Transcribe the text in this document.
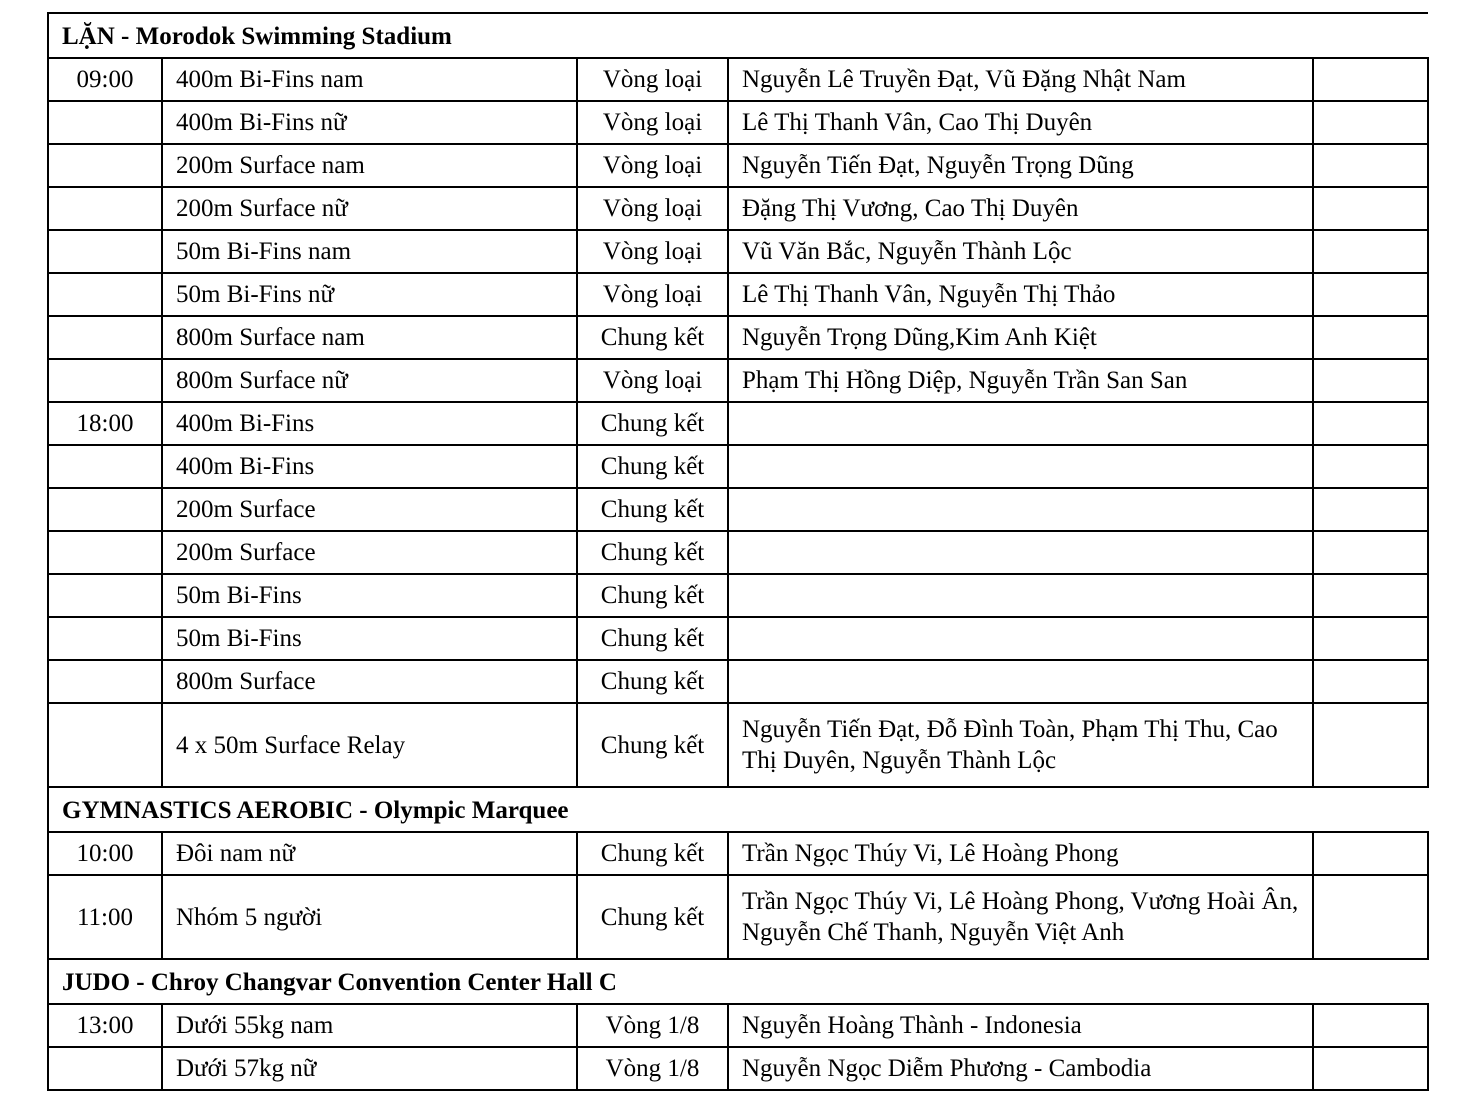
LẶN - Morodok Swimming Stadium				
09:00	400m Bi-Fins nam	Vòng loại	Nguyễn Lê Truyền Đạt, Vũ Đặng Nhật Nam	
	400m Bi-Fins nữ	Vòng loại	Lê Thị Thanh Vân, Cao Thị Duyên	
	200m Surface nam	Vòng loại	Nguyễn Tiến Đạt, Nguyễn Trọng Dũng	
	200m Surface nữ	Vòng loại	Đặng Thị Vương, Cao Thị Duyên	
	50m Bi-Fins nam	Vòng loại	Vũ Văn Bắc, Nguyễn Thành Lộc	
	50m Bi-Fins nữ	Vòng loại	Lê Thị Thanh Vân, Nguyễn Thị Thảo	
	800m Surface nam	Chung kết	Nguyễn Trọng Dũng,Kim Anh Kiệt	
	800m Surface nữ	Vòng loại	Phạm Thị Hồng Diệp, Nguyễn Trần San San	
18:00	400m Bi-Fins	Chung kết		
	400m Bi-Fins	Chung kết		
	200m Surface	Chung kết		
	200m Surface	Chung kết		
	50m Bi-Fins	Chung kết		
	50m Bi-Fins	Chung kết		
	800m Surface	Chung kết		
	4 x 50m Surface Relay	Chung kết	Nguyễn Tiến Đạt, Đỗ Đình Toàn, Phạm Thị Thu, Cao Thị Duyên, Nguyễn Thành Lộc	
GYMNASTICS AEROBIC - Olympic Marquee				
10:00	Đôi nam nữ	Chung kết	Trần Ngọc Thúy Vi, Lê Hoàng Phong	
11:00	Nhóm 5 người	Chung kết	Trần Ngọc Thúy Vi, Lê Hoàng Phong, Vương Hoài Ân, Nguyễn Chế Thanh, Nguyễn Việt Anh	
JUDO - Chroy Changvar Convention Center Hall C				
13:00	Dưới 55kg nam	Vòng 1/8	Nguyễn Hoàng Thành - Indonesia	
	Dưới 57kg nữ	Vòng 1/8	Nguyễn Ngọc Diễm Phương - Cambodia	
